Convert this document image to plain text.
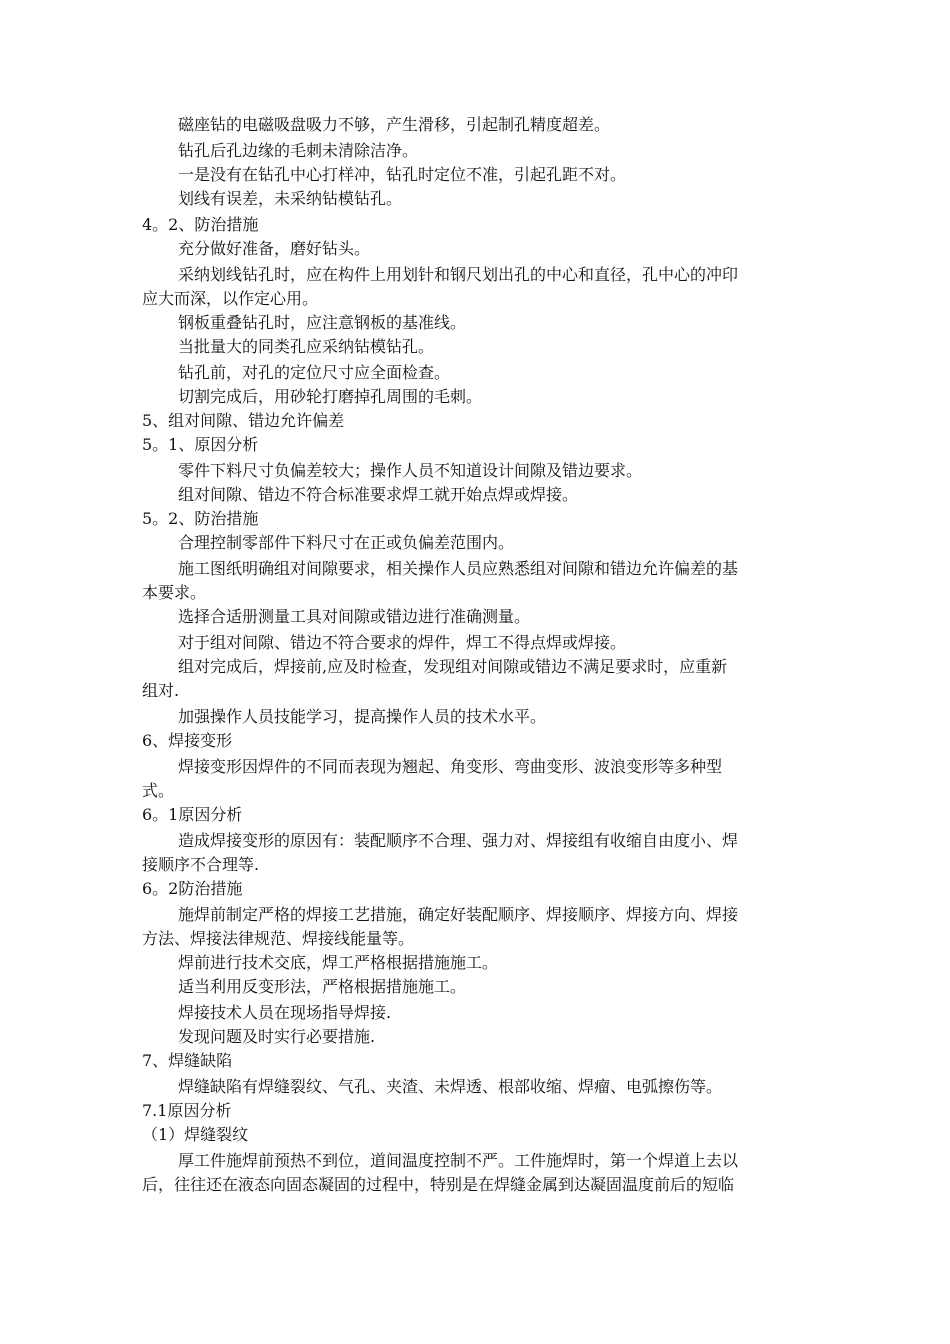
磁座钻的电磁吸盘吸力不够，产生滑移，引起制孔精度超差。
钻孔后孔边缘的毛刺未清除洁净。
一是没有在钻孔中心打样冲，钻孔时定位不准，引起孔距不对。
划线有误差，未采纳钻模钻孔。
4。2、防治措施
充分做好准备，磨好钻头。
采纳划线钻孔时，应在构件上用划针和钢尺划出孔的中心和直径，孔中心的冲印
应大而深，以作定心用。
钢板重叠钻孔时，应注意钢板的基准线。
当批量大的同类孔应采纳钻模钻孔。
钻孔前，对孔的定位尺寸应全面检查。
切割完成后，用砂轮打磨掉孔周围的毛刺。
5、组对间隙、错边允许偏差
5。1、原因分析
零件下料尺寸负偏差较大；操作人员不知道设计间隙及错边要求。
组对间隙、错边不符合标准要求焊工就开始点焊或焊接。
5。2、防治措施
合理控制零部件下料尺寸在正或负偏差范围内。
施工图纸明确组对间隙要求，相关操作人员应熟悉组对间隙和错边允许偏差的基
本要求。
选择合适册测量工具对间隙或错边进行准确测量。
对于组对间隙、错边不符合要求的焊件，焊工不得点焊或焊接。
组对完成后，焊接前,应及时检查，发现组对间隙或错边不满足要求时，应重新
组对.
加强操作人员技能学习，提高操作人员的技术水平。
6、焊接变形
焊接变形因焊件的不同而表现为翘起、角变形、弯曲变形、波浪变形等多种型
式。
6。1原因分析
造成焊接变形的原因有：装配顺序不合理、强力对、焊接组有收缩自由度小、焊
接顺序不合理等.
6。2防治措施
施焊前制定严格的焊接工艺措施，确定好装配顺序、焊接顺序、焊接方向、焊接
方法、焊接法律规范、焊接线能量等。
焊前进行技术交底，焊工严格根据措施施工。
适当利用反变形法，严格根据措施施工。
焊接技术人员在现场指导焊接.
发现问题及时实行必要措施.
7、焊缝缺陷
焊缝缺陷有焊缝裂纹、气孔、夹渣、未焊透、根部收缩、焊瘤、电弧擦伤等。
7.1原因分析
（1）焊缝裂纹
厚工件施焊前预热不到位，道间温度控制不严。工件施焊时，第一个焊道上去以
后，往往还在液态向固态凝固的过程中，特别是在焊缝金属到达凝固温度前后的短临
